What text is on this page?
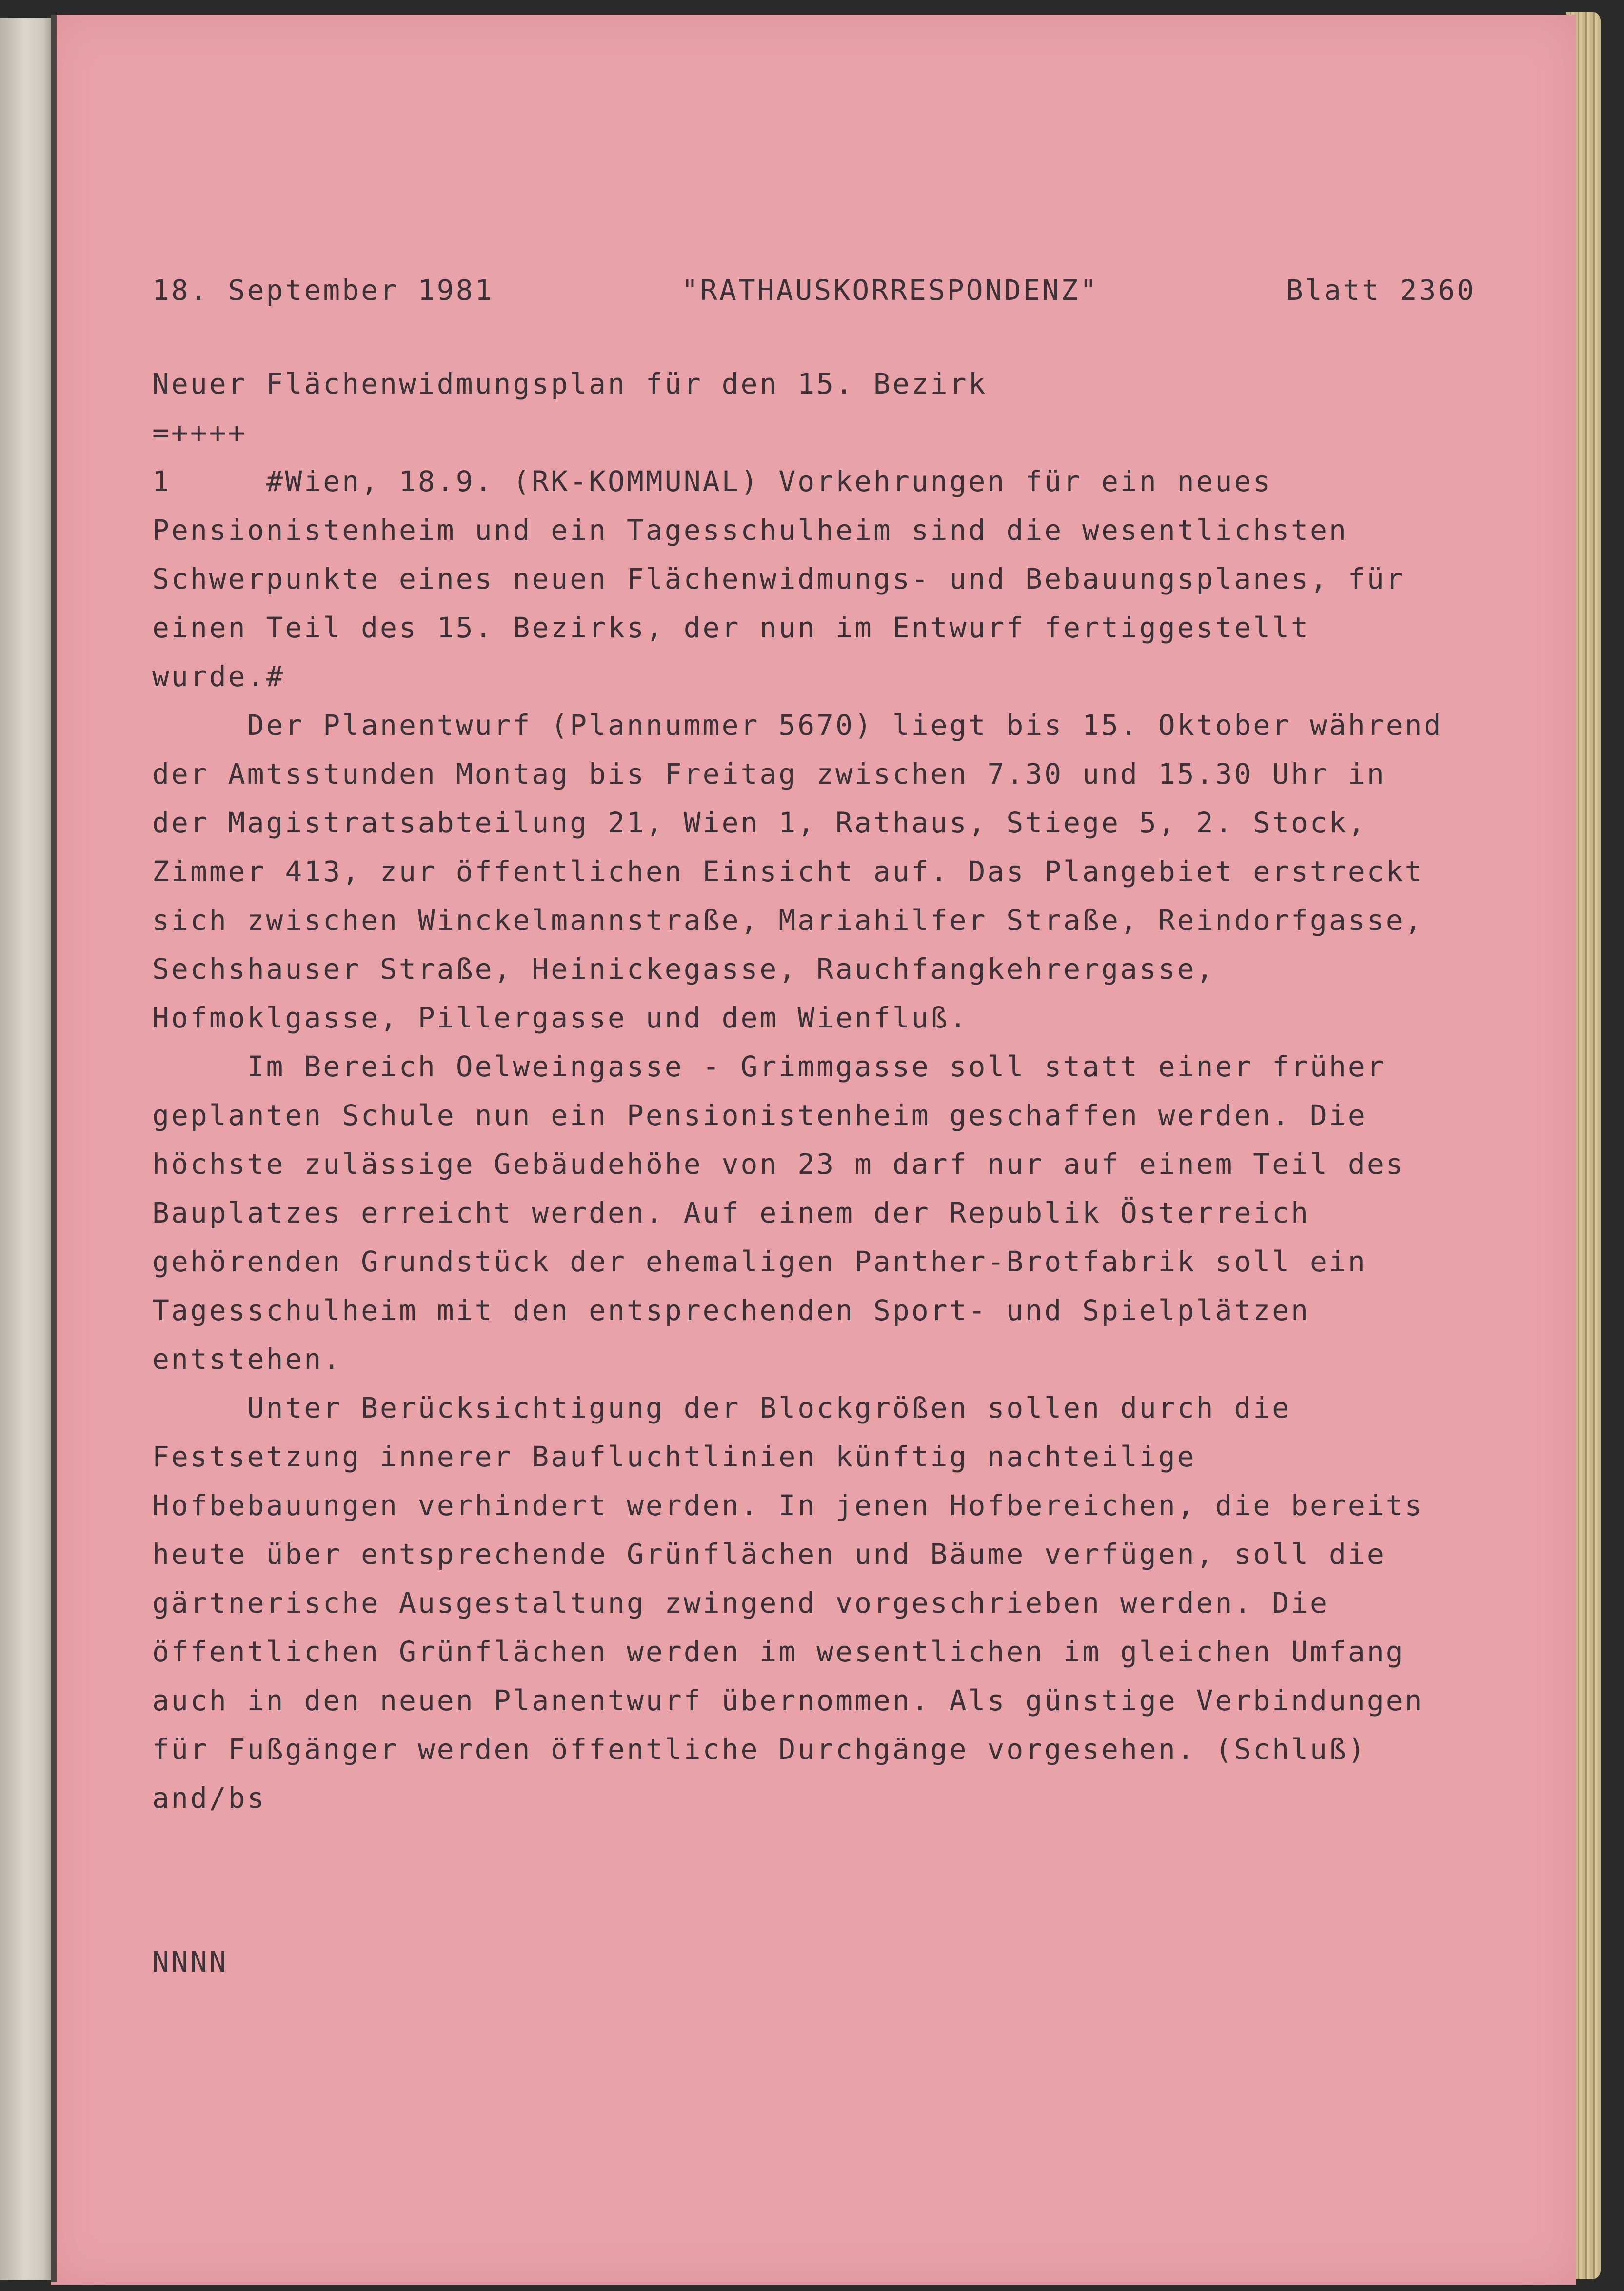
18. September 1981

	"RATHAUSKORRESPONDENZ"

	Blatt 2360

Neuer Flächenwidmungsplan für den 15. Bezirk
=++++
1     #Wien, 18.9. (RK-KOMMUNAL) Vorkehrungen für ein neues
Pensionistenheim und ein Tagesschulheim sind die wesentlichsten
Schwerpunkte eines neuen Flächenwidmungs- und Bebauungsplanes, für
einen Teil des 15. Bezirks, der nun im Entwurf fertiggestellt
wurde.#
Der Planentwurf (Plannummer 5670) liegt bis 15. Oktober während
der Amtsstunden Montag bis Freitag zwischen 7.30 und 15.30 Uhr in
der Magistratsabteilung 21, Wien 1, Rathaus, Stiege 5, 2. Stock,
Zimmer 413, zur öffentlichen Einsicht auf. Das Plangebiet erstreckt
sich zwischen Winckelmannstraße, Mariahilfer Straße, Reindorfgasse,
Sechshauser Straße, Heinickegasse, Rauchfangkehrergasse,
Hofmoklgasse, Pillergasse und dem Wienfluß.
Im Bereich Oelweingasse - Grimmgasse soll statt einer früher
geplanten Schule nun ein Pensionistenheim geschaffen werden. Die
höchste zulässige Gebäudehöhe von 23 m darf nur auf einem Teil des
Bauplatzes erreicht werden. Auf einem der Republik Österreich
gehörenden Grundstück der ehemaligen Panther-Brotfabrik soll ein
Tagesschulheim mit den entsprechenden Sport- und Spielplätzen
entstehen.
Unter Berücksichtigung der Blockgrößen sollen durch die
Festsetzung innerer Baufluchtlinien künftig nachteilige
Hofbebauungen verhindert werden. In jenen Hofbereichen, die bereits
heute über entsprechende Grünflächen und Bäume verfügen, soll die
gärtnerische Ausgestaltung zwingend vorgeschrieben werden. Die
öffentlichen Grünflächen werden im wesentlichen im gleichen Umfang
auch in den neuen Planentwurf übernommen. Als günstige Verbindungen
für Fußgänger werden öffentliche Durchgänge vorgesehen. (Schluß)
and/bs
NNNN
